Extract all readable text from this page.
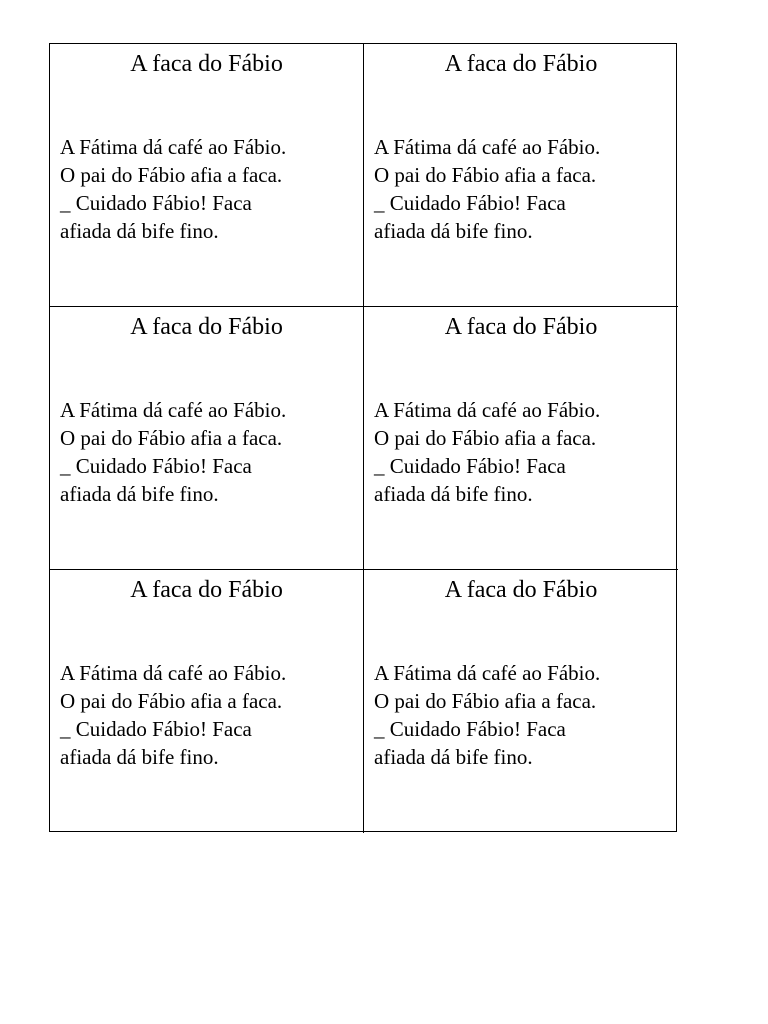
A faca do Fábio
A Fátima dá café ao Fábio.
O pai do Fábio afia a faca.
_ Cuidado Fábio! Faca
afiada dá bife fino.
A faca do Fábio
A Fátima dá café ao Fábio.
O pai do Fábio afia a faca.
_ Cuidado Fábio! Faca
afiada dá bife fino.
A faca do Fábio
A Fátima dá café ao Fábio.
O pai do Fábio afia a faca.
_ Cuidado Fábio! Faca
afiada dá bife fino.
A faca do Fábio
A Fátima dá café ao Fábio.
O pai do Fábio afia a faca.
_ Cuidado Fábio! Faca
afiada dá bife fino.
A faca do Fábio
A Fátima dá café ao Fábio.
O pai do Fábio afia a faca.
_ Cuidado Fábio! Faca
afiada dá bife fino.
A faca do Fábio
A Fátima dá café ao Fábio.
O pai do Fábio afia a faca.
_ Cuidado Fábio! Faca
afiada dá bife fino.
